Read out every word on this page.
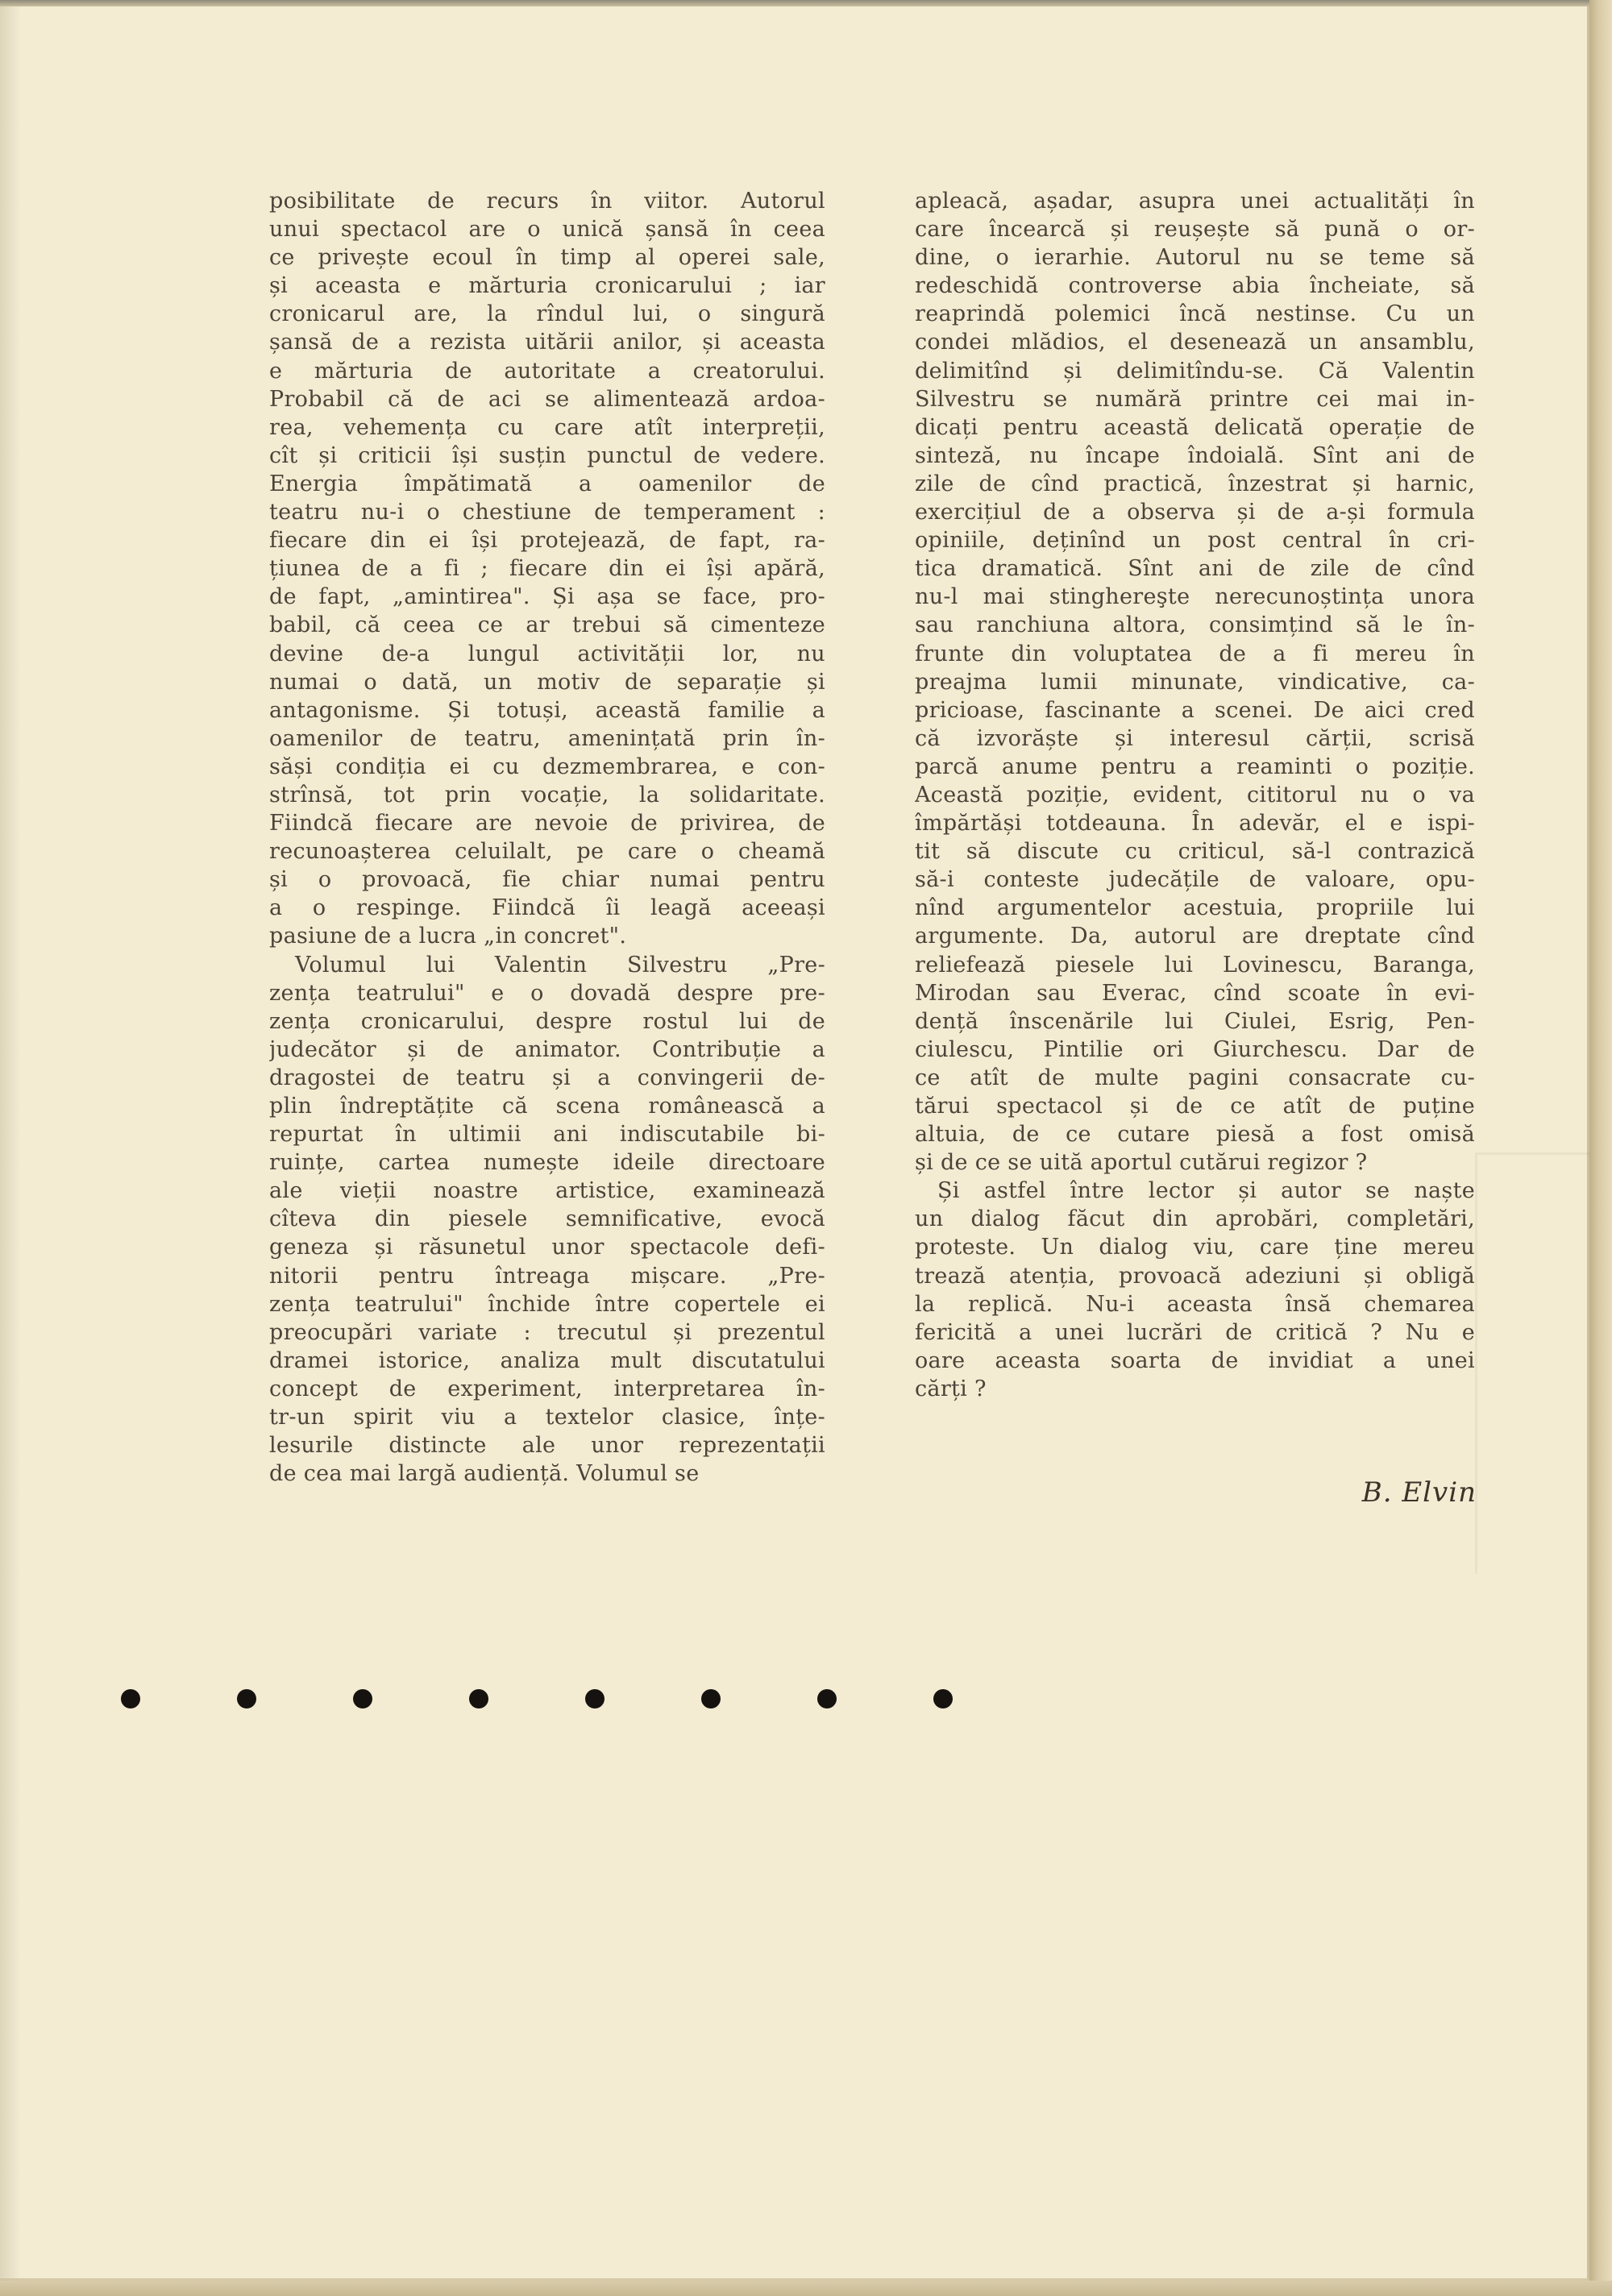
posibilitate de recurs în viitor. Autorul
unui spectacol are o unică șansă în ceea
ce privește ecoul în timp al operei sale,
și aceasta e mărturia cronicarului ; iar
cronicarul are, la rîndul lui, o singură
șansă de a rezista uitării anilor, și aceasta
e mărturia de autoritate a creatorului.
Probabil că de aci se alimentează ardoa-
rea, vehemența cu care atît interpreții,
cît și criticii își susțin punctul de vedere.
Energia împătimată a oamenilor de
teatru nu-i o chestiune de temperament :
fiecare din ei își protejează, de fapt, ra-
țiunea de a fi ; fiecare din ei își apără,
de fapt, „amintirea". Și așa se face, pro-
babil, că ceea ce ar trebui să cimenteze
devine de-a lungul activității lor, nu
numai o dată, un motiv de separație și
antagonisme. Și totuși, această familie a
oamenilor de teatru, amenințată prin în-
săși condiția ei cu dezmembrarea, e con-
strînsă, tot prin vocație, la solidaritate.
Fiindcă fiecare are nevoie de privirea, de
recunoașterea celuilalt, pe care o cheamă
și o provoacă, fie chiar numai pentru
a o respinge. Fiindcă îi leagă aceeași
pasiune de a lucra „in concret".
Volumul lui Valentin Silvestru „Pre-
zența teatrului" e o dovadă despre pre-
zența cronicarului, despre rostul lui de
judecător și de animator. Contribuție a
dragostei de teatru și a convingerii de-
plin îndreptățite că scena românească a
repurtat în ultimii ani indiscutabile bi-
ruințe, cartea numește ideile directoare
ale vieții noastre artistice, examinează
cîteva din piesele semnificative, evocă
geneza și răsunetul unor spectacole defi-
nitorii pentru întreaga mișcare. „Pre-
zența teatrului" închide între copertele ei
preocupări variate : trecutul și prezentul
dramei istorice, analiza mult discutatului
concept de experiment, interpretarea în-
tr-un spirit viu a textelor clasice, înțe-
lesurile distincte ale unor reprezentații
de cea mai largă audiență. Volumul se
apleacă, așadar, asupra unei actualități în
care încearcă și reușește să pună o or-
dine, o ierarhie. Autorul nu se teme să
redeschidă controverse abia încheiate, să
reaprindă polemici încă nestinse. Cu un
condei mlădios, el desenează un ansamblu,
delimitînd și delimitîndu-se. Că Valentin
Silvestru se numără printre cei mai in-
dicați pentru această delicată operație de
sinteză, nu încape îndoială. Sînt ani de
zile de cînd practică, înzestrat și harnic,
exercițiul de a observa și de a-și formula
opiniile, deținînd un post central în cri-
tica dramatică. Sînt ani de zile de cînd
nu-l mai stinghereşte nerecunoștința unora
sau ranchiuna altora, consimțind să le în-
frunte din voluptatea de a fi mereu în
preajma lumii minunate, vindicative, ca-
pricioase, fascinante a scenei. De aici cred
că izvorăște și interesul cărții, scrisă
parcă anume pentru a reaminti o poziție.
Această poziție, evident, cititorul nu o va
împărtăși totdeauna. În adevăr, el e ispi-
tit să discute cu criticul, să-l contrazică
să-i conteste judecățile de valoare, opu-
nînd argumentelor acestuia, propriile lui
argumente. Da, autorul are dreptate cînd
reliefează piesele lui Lovinescu, Baranga,
Mirodan sau Everac, cînd scoate în evi-
dență înscenările lui Ciulei, Esrig, Pen-
ciulescu, Pintilie ori Giurchescu. Dar de
ce atît de multe pagini consacrate cu-
tărui spectacol și de ce atît de puține
altuia, de ce cutare piesă a fost omisă
și de ce se uită aportul cutărui regizor ?
Și astfel între lector și autor se naște
un dialog făcut din aprobări, completări,
proteste. Un dialog viu, care ține mereu
trează atenția, provoacă adeziuni și obligă
la replică. Nu-i aceasta însă chemarea
fericită a unei lucrări de critică ? Nu e
oare aceasta soarta de invidiat a unei
cărți ?
B. Elvin
